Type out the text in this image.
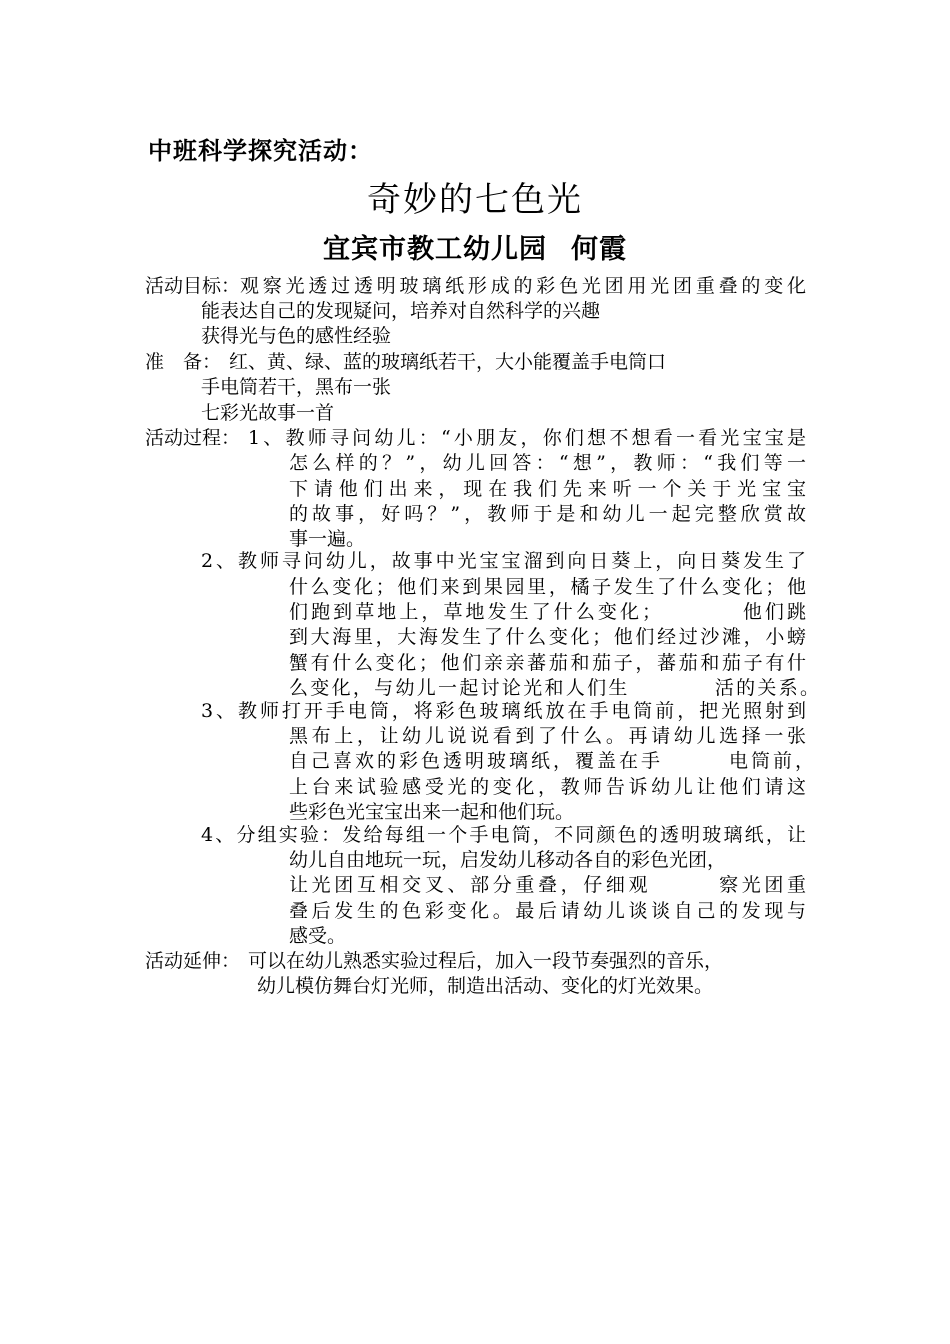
中班科学探究活动：
奇妙的七色光
宜宾市教工幼儿园 何霞
活动目标： 观察光透过透明玻璃纸形成的彩色光团用光团重叠的变化
能表达自己的发现疑问，培养对自然科学的兴趣
获得光与色的感性经验
准　备： 红、黄、绿、蓝的玻璃纸若干，大小能覆盖手电筒口
手电筒若干，黑布一张
七彩光故事一首
活动过程： 1、教师寻问幼儿：“小朋友，你们想不想看一看光宝宝是
怎么样的？”，幼儿回答：“想”，教师：“我们等一
下请他们出来，现在我们先来听一个关于光宝宝
的故事，好吗？”，教师于是和幼儿一起完整欣赏故
事一遍。
2、教师寻问幼儿，故事中光宝宝溜到向日葵上，向日葵发生了
什么变化；他们来到果园里，橘子发生了什么变化；他
们跑到草地上，草地发生了什么变化；　　　　他们跳
到大海里，大海发生了什么变化；他们经过沙滩，小螃
蟹有什么变化；他们亲亲蕃茄和茄子，蕃茄和茄子有什
么变化，与幼儿一起讨论光和人们生　　　　活的关系。
3、教师打开手电筒，将彩色玻璃纸放在手电筒前，把光照射到
黑布上，让幼儿说说看到了什么。再请幼儿选择一张
自己喜欢的彩色透明玻璃纸，覆盖在手　　　电筒前，
上台来试验感受光的变化，教师告诉幼儿让他们请这
些彩色光宝宝出来一起和他们玩。
4、分组实验：发给每组一个手电筒，不同颜色的透明玻璃纸，让
幼儿自由地玩一玩，启发幼儿移动各自的彩色光团，
让光团互相交叉、部分重叠，仔细观　　　察光团重
叠后发生的色彩变化。最后请幼儿谈谈自己的发现与
感受。
活动延伸： 可以在幼儿熟悉实验过程后，加入一段节奏强烈的音乐，
幼儿模仿舞台灯光师，制造出活动、变化的灯光效果。
